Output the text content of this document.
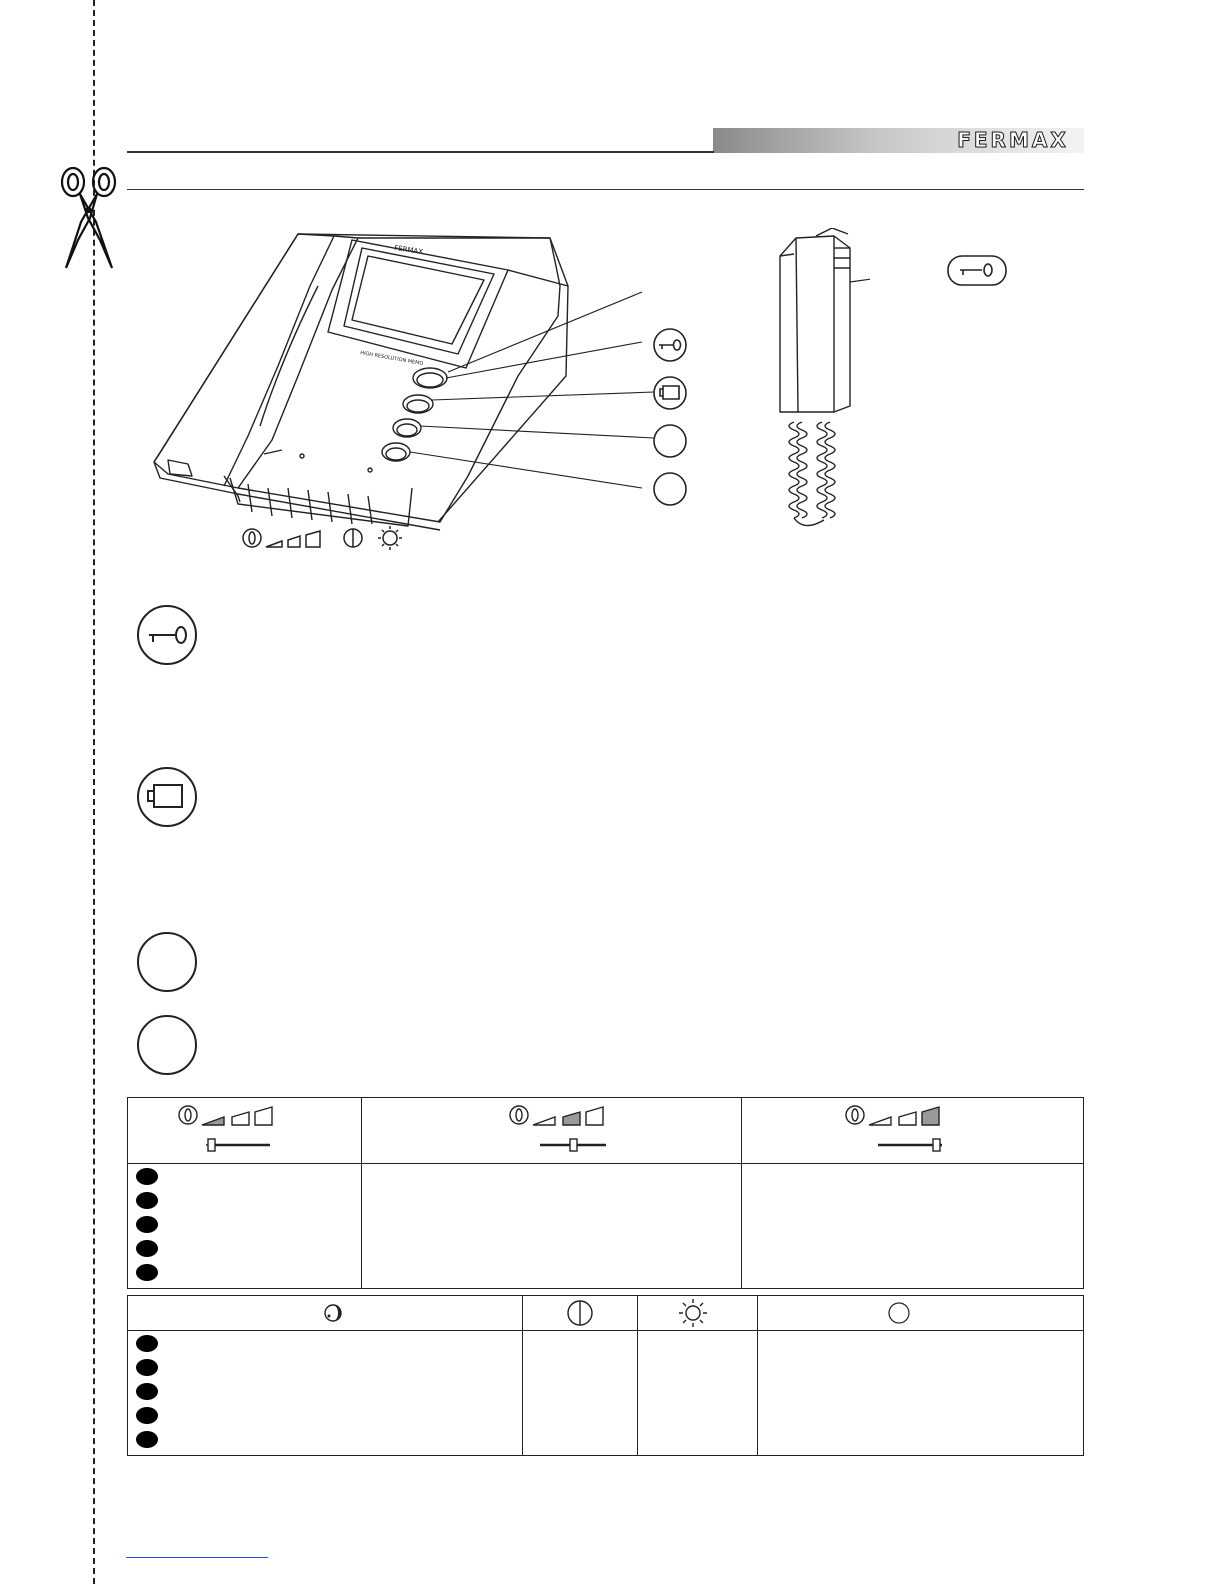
FERMAX
FERMAX
HIGH RESOLUTION MEMO
